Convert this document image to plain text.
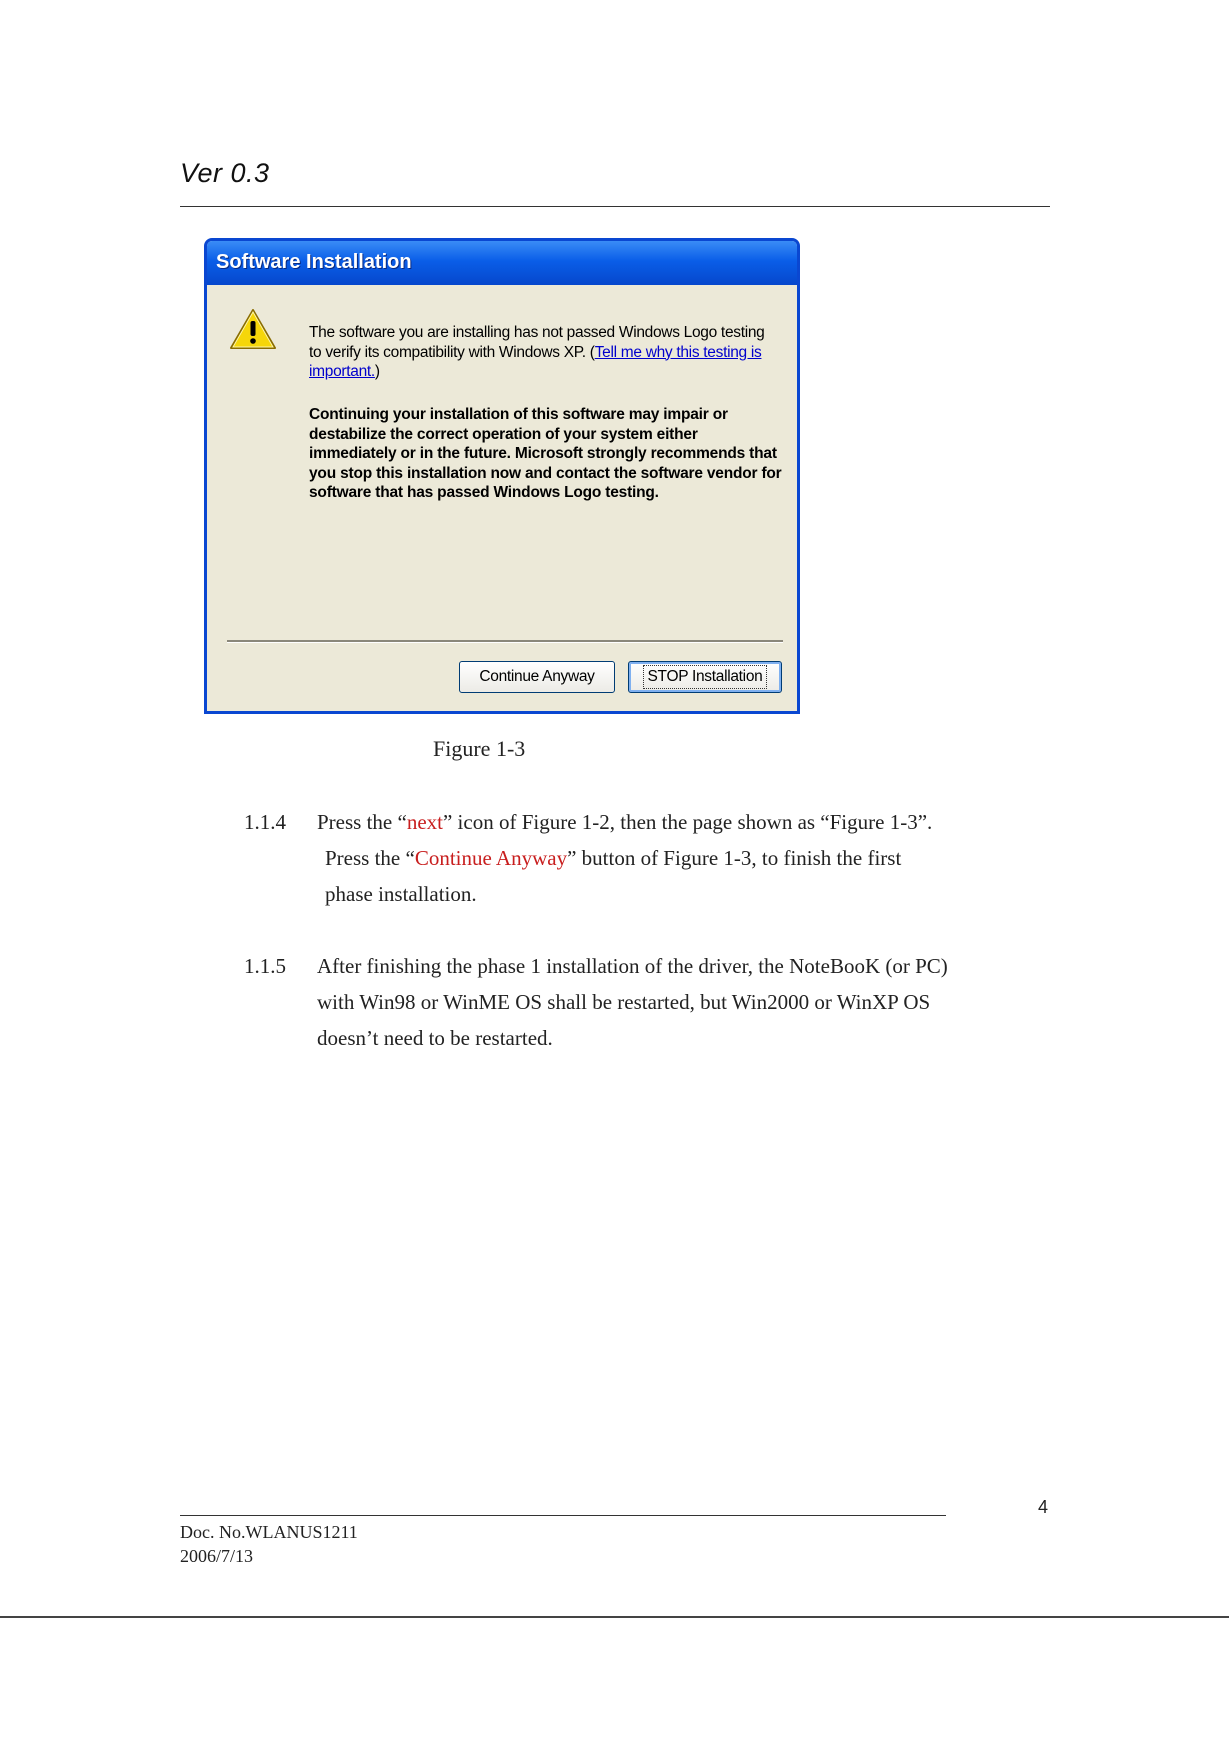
Ver 0.3
Software Installation
The software you are installing has not passed Windows Logo testing to verify its compatibility with Windows XP. (Tell me why this testing is important.)
Continuing your installation of this software may impair or destabilize the correct operation of your system either immediately or in the future. Microsoft strongly recommends that you stop this installation now and contact the software vendor for software that has passed Windows Logo testing.
Continue Anyway	STOP Installation
Figure 1-3
1.1.4 Press the “next” icon of Figure 1-2, then the page shown as “Figure 1-3”.
Press the “Continue Anyway” button of Figure 1-3, to finish the first
phase installation.
1.1.5 After finishing the phase 1 installation of the driver, the NoteBooK (or PC)
with Win98 or WinME OS shall be restarted, but Win2000 or WinXP OS
doesn’t need to be restarted.
4
Doc. No.WLANUS1211
2006/7/13
